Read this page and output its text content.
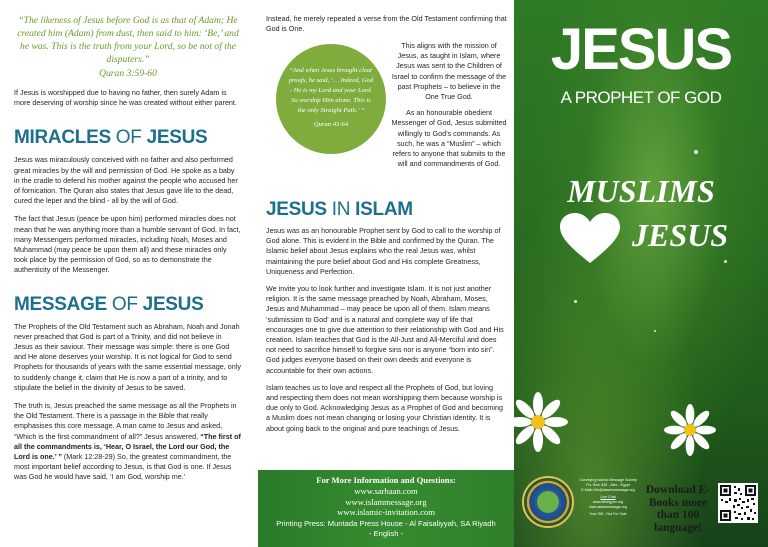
“The likeness of Jesus before God is as that of Adam; He created him (Adam) from dust, then said to him: ‘Be,’ and he was. This is the truth from your Lord, so be not of the disputers.”
Quran 3:59-60

If Jesus is worshipped due to having no father, then surely Adam is more deserving of worship since he was created without either parent.

MIRACLES OF JESUS

Jesus was miraculously conceived with no father and also performed great miracles by the will and permission of God. He spoke as a baby in the cradle to defend his mother against the people who accused her of fornication. The Quran also states that Jesus gave life to the dead, cured the leper and the blind - all by the will of God.

The fact that Jesus (peace be upon him) performed miracles does not mean that he was anything more than a humble servant of God. In fact, many Messengers performed miracles, including Noah, Moses and Muhammad (may peace be upon them all) and these miracles only took place by the permission of God, so as to demonstrate the authenticity of the Messenger.

MESSAGE OF JESUS

The Prophets of the Old Testament such as Abraham, Noah and Jonah never preached that God is part of a Trinity, and did not believe in Jesus as their saviour. Their message was simple: there is one God and He alone deserves your worship. It is not logical for God to send Prophets for thousands of years with the same essential message, only to suddenly change it, claim that He is now a part of a trinity, and to stipulate the belief in the divinity of Jesus to be saved.

The truth is, Jesus preached the same message as all the Prophets in the Old Testament. There is a passage in the Bible that really emphasises this core message. A man came to Jesus and asked, “Which is the first commandment of all?” Jesus answered, “The first of all the commandments is, ‘Hear, O Israel, the Lord our God, the Lord is one.’ ” (Mark 12:28-29) So, the greatest commandment, the most important belief according to Jesus, is that God is one. If Jesus was God he would have said, ‘I am God, worship me.’

Instead, he merely repeated a verse from the Old Testament confirming that God is One.

This aligns with the mission of Jesus, as taught in Islam, where Jesus was sent to the Children of Israel to confirm the message of the past Prophets – to believe in the One True God.
As an honourable obedient Messenger of God, Jesus submitted willingly to God’s commands. As such, he was a “Muslim” – which refers to anyone that submits to the will and commandments of God.
“And when Jesus brought clear proofs, he said, ‘… Indeed, God - He is my Lord and your Lord. So worship Him alone. This is the only Straight Path.’ ”
Quran 43:64
JESUS IN ISLAM

Jesus was as an honourable Prophet sent by God to call to the worship of God alone. This is evident in the Bible and confirmed by the Quran. The Islamic belief about Jesus explains who the real Jesus was, whilst maintaining the pure belief about God and His complete Greatness, Uniqueness and Perfection.

We invite you to look further and investigate Islam. It is not just another religion. It is the same message preached by Noah, Abraham, Moses, Jesus and Muhammad – may peace be upon all of them. Islam means ‘submission to God’ and is a natural and complete way of life that encourages one to give due attention to their relationship with God and His creation. Islam teaches that God is the All-Just and All-Merciful and does not need to sacrifice himself to forgive sins nor is anyone “born into sin”. God judges everyone based on their own deeds and everyone is accountable for their own actions.

Islam teaches us to love and respect all the Prophets of God, but loving and respecting them does not mean worshipping them because worship is due only to God. Acknowledging Jesus as a Prophet of God and becoming a Muslim does not mean changing or losing your Christian identity. It is about going back to the original and pure teachings of Jesus.

For More Information and Questions:
www.sarhaan.com
www.islammessage.org
www.islamic-invitation.com
Printing Press: Muntada Press House - Al Faisaliyyah, SA Riyadh
- English -
JESUS
A PROPHET OF GOD
MUSLIMS
JESUS
Conveying Islamic Message Society
P.o. Box: 834 - Alex - Egypt
E-Mail: info@islamicmessage.org
Live Chat
www.sfhelgyon.org
www.islammessage.org
Your Gift - Not For Sale
Download E-Books more than 100 language!
